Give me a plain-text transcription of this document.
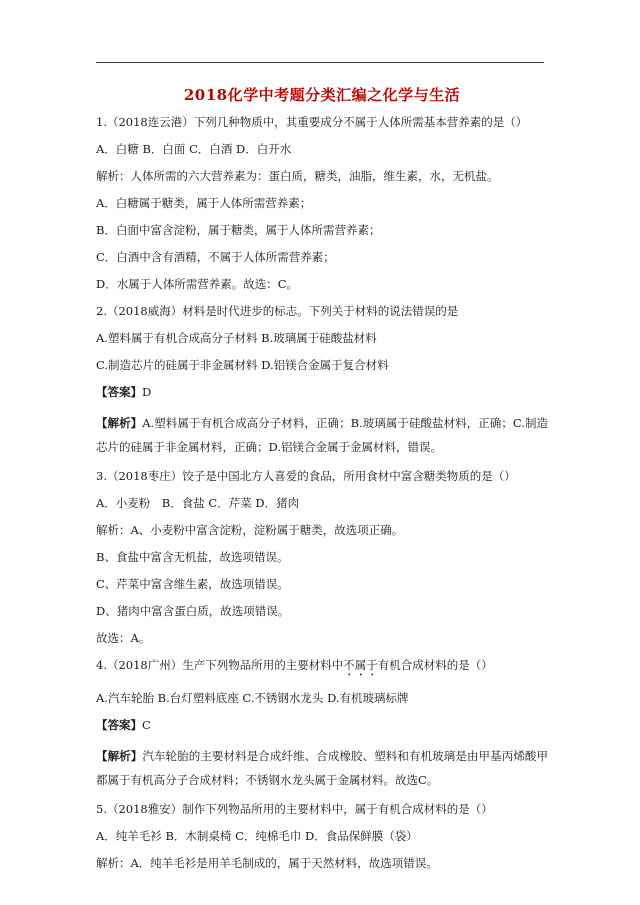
2018化学中考题分类汇编之化学与生活
1.（2018连云港）下列几种物质中，其重要成分不属于人体所需基本营养素的是（）
A．白糖 B．白面 C．白酒 D．白开水
解析：人体所需的六大营养素为：蛋白质，糖类，油脂，维生素，水，无机盐。
A．白糖属于糖类，属于人体所需营养素；
B．白面中富含淀粉，属于糖类，属于人体所需营养素；
C．白酒中含有酒精，不属于人体所需营养素；
D．水属于人体所需营养素。故选：C。
2.（2018威海）材料是时代进步的标志。下列关于材料的说法错误的是
A.塑料属于有机合成高分子材料 B.玻璃属于硅酸盐材料
C.制造芯片的硅属于非金属材料 D.铝镁合金属于复合材料
【答案】D
【解析】A.塑料属于有机合成高分子材料，正确；B.玻璃属于硅酸盐材料，正确；C.制造芯片的硅属于非金属材料，正确；D.铝镁合金属于金属材料，错误。
3.（2018枣庄）饺子是中国北方人喜爱的食品，所用食材中富含糖类物质的是（）
A．小麦粉　B．食盐 C．芹菜 D．猪肉
解析：A、小麦粉中富含淀粉，淀粉属于糖类，故选项正确。
B、食盐中富含无机盐，故选项错误。
C、芹菜中富含维生素，故选项错误。
D、猪肉中富含蛋白质，故选项错误。
故选：A。
4.（2018广州）生产下列物品所用的主要材料中不属于有机合成材料的是（）
A.汽车轮胎 B.台灯塑料底座 C.不锈钢水龙头 D.有机玻璃标牌
【答案】C
【解析】汽车轮胎的主要材料是合成纤维、合成橡胶、塑料和有机玻璃是由甲基丙烯酸甲都属于有机高分子合成材料；不锈钢水龙头属于金属材料。故选C。
5.（2018雅安）制作下列物品所用的主要材料中，属于有机合成材料的是（）
A．纯羊毛衫 B．木制桌椅 C．纯棉毛巾 D．食品保鲜膜（袋）
解析：A．纯羊毛衫是用羊毛制成的，属于天然材料，故选项错误。
